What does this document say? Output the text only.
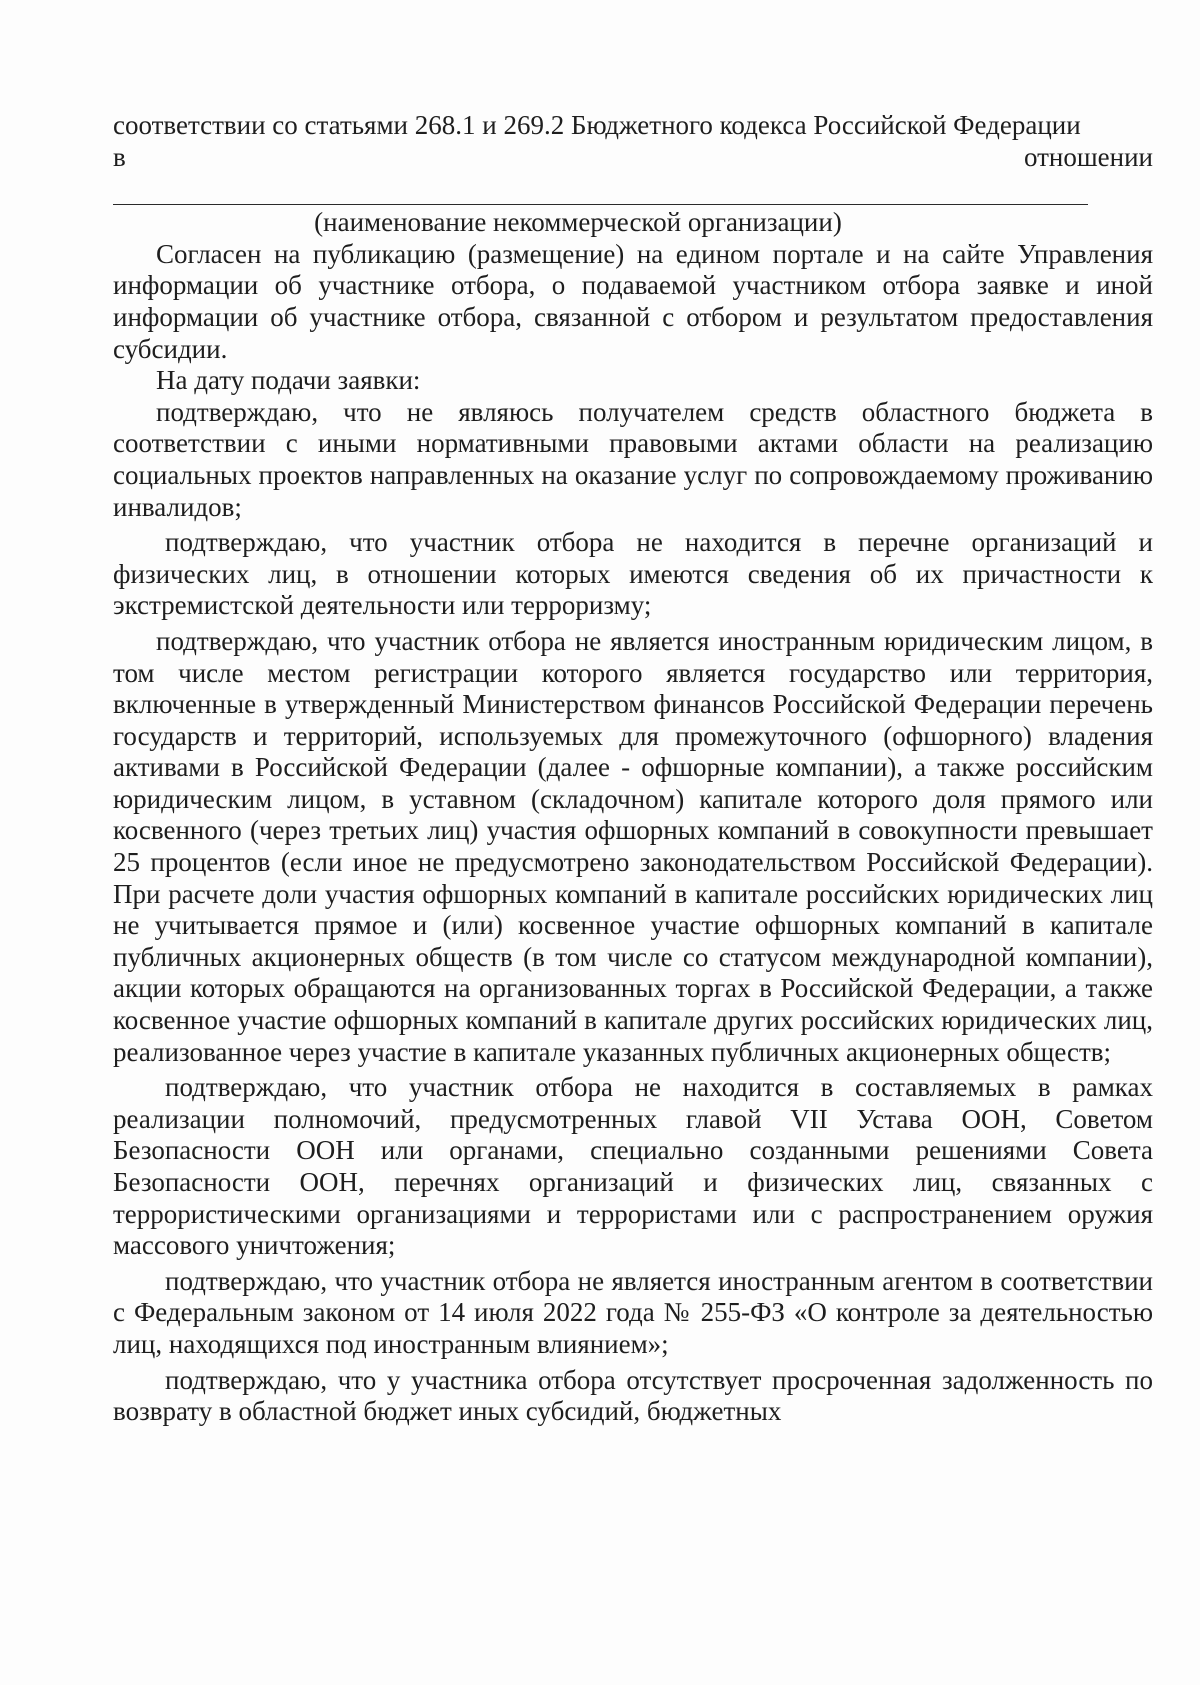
соответствии со статьями 268.1 и 269.2 Бюджетного кодекса Российской Федерации

в	отношении

(наименование некоммерческой организации)

Согласен на публикацию (размещение) на едином портале и на сайте Управления информации об участнике отбора, о подаваемой участником отбора заявке и иной информации об участнике отбора, связанной с отбором и результатом предоставления субсидии.

На дату подачи заявки:

подтверждаю, что не являюсь получателем средств областного бюджета в соответствии с иными нормативными правовыми актами области на реализацию социальных проектов направленных на оказание услуг по сопровождаемому проживанию инвалидов;

подтверждаю, что участник отбора не находится в перечне организаций и физических лиц, в отношении которых имеются сведения об их причастности к экстремистской деятельности или терроризму;

подтверждаю, что участник отбора не является иностранным юридическим лицом, в том числе местом регистрации которого является государство или территория, включенные в утвержденный Министерством финансов Российской Федерации перечень государств и территорий, используемых для промежуточного (офшорного) владения активами в Российской Федерации (далее - офшорные компании), а также российским юридическим лицом, в уставном (складочном) капитале которого доля прямого или косвенного (через третьих лиц) участия офшорных компаний в совокупности превышает 25 процентов (если иное не предусмотрено законодательством Российской Федерации). При расчете доли участия офшорных компаний в капитале российских юридических лиц не учитывается прямое и (или) косвенное участие офшорных компаний в капитале публичных акционерных обществ (в том числе со статусом международной компании), акции которых обращаются на организованных торгах в Российской Федерации, а также косвенное участие офшорных компаний в капитале других российских юридических лиц, реализованное через участие в капитале указанных публичных акционерных обществ;

подтверждаю, что участник отбора не находится в составляемых в рамках реализации полномочий, предусмотренных главой VII Устава ООН, Советом Безопасности ООН или органами, специально созданными решениями Совета Безопасности ООН, перечнях организаций и физических лиц, связанных с террористическими организациями и террористами или с распространением оружия массового уничтожения;

подтверждаю, что участник отбора не является иностранным агентом в соответствии с Федеральным законом от 14 июля 2022 года № 255-ФЗ «О контроле за деятельностью лиц, находящихся под иностранным влиянием»;

подтверждаю, что у участника отбора отсутствует просроченная задолженность по возврату в областной бюджет иных субсидий, бюджетных
